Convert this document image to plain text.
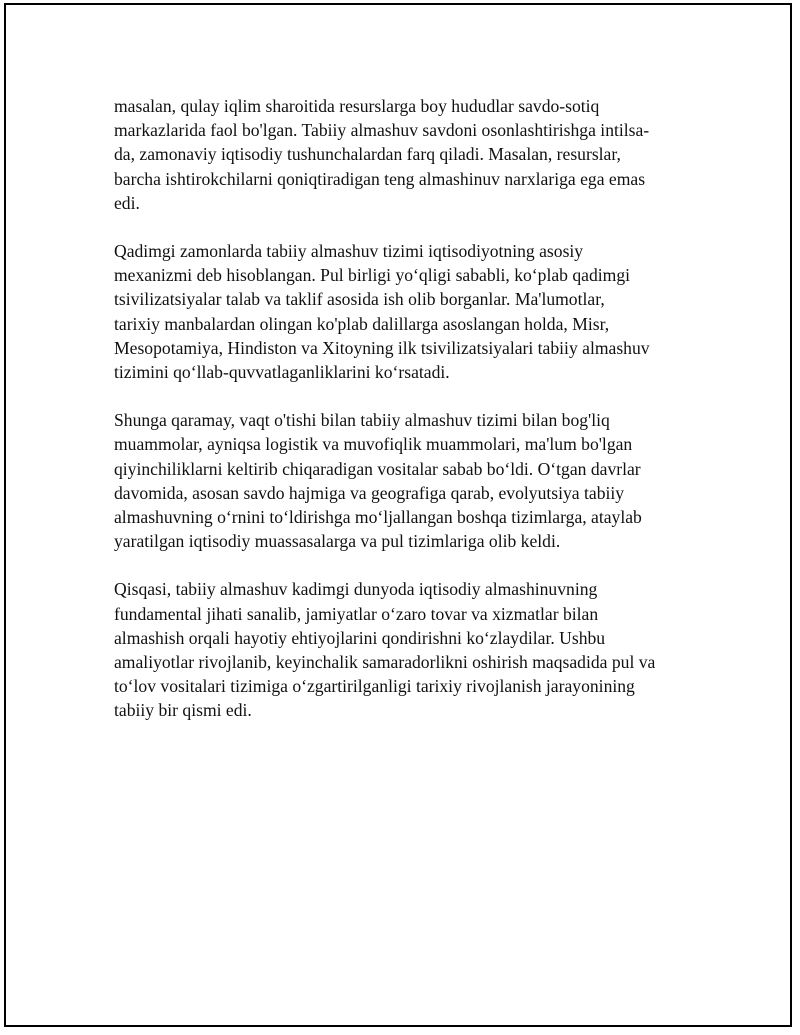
masalan, qulay iqlim sharoitida resurslarga boy hududlar savdo-sotiq
markazlarida faol bo'lgan. Tabiiy almashuv savdoni osonlashtirishga intilsa-
da, zamonaviy iqtisodiy tushunchalardan farq qiladi. Masalan, resurslar,
barcha ishtirokchilarni qoniqtiradigan teng almashinuv narxlariga ega emas
edi.

Qadimgi zamonlarda tabiiy almashuv tizimi iqtisodiyotning asosiy
mexanizmi deb hisoblangan. Pul birligi yo‘qligi sababli, ko‘plab qadimgi
tsivilizatsiyalar talab va taklif asosida ish olib borganlar. Ma'lumotlar,
tarixiy manbalardan olingan ko'plab dalillarga asoslangan holda, Misr,
Mesopotamiya, Hindiston va Xitoyning ilk tsivilizatsiyalari tabiiy almashuv
tizimini qo‘llab-quvvatlaganliklarini ko‘rsatadi.

Shunga qaramay, vaqt o'tishi bilan tabiiy almashuv tizimi bilan bog'liq
muammolar, ayniqsa logistik va muvofiqlik muammolari, ma'lum bo'lgan
qiyinchiliklarni keltirib chiqaradigan vositalar sabab bo‘ldi. O‘tgan davrlar
davomida, asosan savdo hajmiga va geografiga qarab, evolyutsiya tabiiy
almashuvning o‘rnini to‘ldirishga mo‘ljallangan boshqa tizimlarga, ataylab
yaratilgan iqtisodiy muassasalarga va pul tizimlariga olib keldi.

Qisqasi, tabiiy almashuv kadimgi dunyoda iqtisodiy almashinuvning
fundamental jihati sanalib, jamiyatlar o‘zaro tovar va xizmatlar bilan
almashish orqali hayotiy ehtiyojlarini qondirishni ko‘zlaydilar. Ushbu
amaliyotlar rivojlanib, keyinchalik samaradorlikni oshirish maqsadida pul va
to‘lov vositalari tizimiga o‘zgartirilganligi tarixiy rivojlanish jarayonining
tabiiy bir qismi edi.
